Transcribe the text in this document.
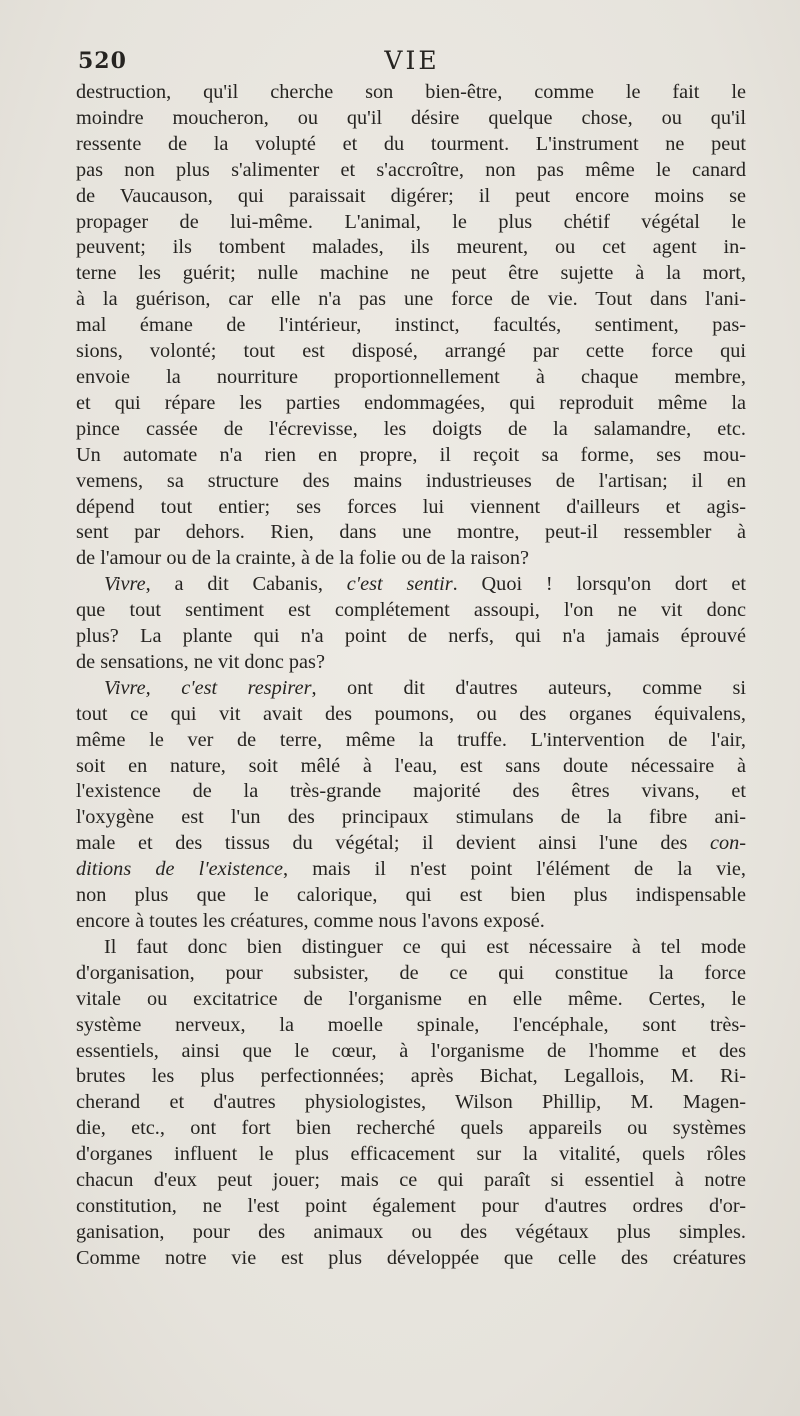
520	VIE
destruction, qu'il cherche son bien-être, comme le fait le
moindre moucheron, ou qu'il désire quelque chose, ou qu'il
ressente de la volupté et du tourment. L'instrument ne peut
pas non plus s'alimenter et s'accroître, non pas même le canard
de Vaucauson, qui paraissait digérer; il peut encore moins se
propager de lui-même. L'animal, le plus chétif végétal le
peuvent; ils tombent malades, ils meurent, ou cet agent in-
terne les guérit; nulle machine ne peut être sujette à la mort,
à la guérison, car elle n'a pas une force de vie. Tout dans l'ani-
mal émane de l'intérieur, instinct, facultés, sentiment, pas-
sions, volonté; tout est disposé, arrangé par cette force qui
envoie la nourriture proportionnellement à chaque membre,
et qui répare les parties endommagées, qui reproduit même la
pince cassée de l'écrevisse, les doigts de la salamandre, etc.
Un automate n'a rien en propre, il reçoit sa forme, ses mou-
vemens, sa structure des mains industrieuses de l'artisan; il en
dépend tout entier; ses forces lui viennent d'ailleurs et agis-
sent par dehors. Rien, dans une montre, peut-il ressembler à
de l'amour ou de la crainte, à de la folie ou de la raison?
Vivre, a dit Cabanis, c'est sentir. Quoi ! lorsqu'on dort et
que tout sentiment est complétement assoupi, l'on ne vit donc
plus? La plante qui n'a point de nerfs, qui n'a jamais éprouvé
de sensations, ne vit donc pas?
Vivre, c'est respirer, ont dit d'autres auteurs, comme si
tout ce qui vit avait des poumons, ou des organes équivalens,
même le ver de terre, même la truffe. L'intervention de l'air,
soit en nature, soit mêlé à l'eau, est sans doute nécessaire à
l'existence de la très-grande majorité des êtres vivans, et
l'oxygène est l'un des principaux stimulans de la fibre ani-
male et des tissus du végétal; il devient ainsi l'une des con-
ditions de l'existence, mais il n'est point l'élément de la vie,
non plus que le calorique, qui est bien plus indispensable
encore à toutes les créatures, comme nous l'avons exposé.
Il faut donc bien distinguer ce qui est nécessaire à tel mode
d'organisation, pour subsister, de ce qui constitue la force
vitale ou excitatrice de l'organisme en elle même. Certes, le
système nerveux, la moelle spinale, l'encéphale, sont très-
essentiels, ainsi que le cœur, à l'organisme de l'homme et des
brutes les plus perfectionnées; après Bichat, Legallois, M. Ri-
cherand et d'autres physiologistes, Wilson Phillip, M. Magen-
die, etc., ont fort bien recherché quels appareils ou systèmes
d'organes influent le plus efficacement sur la vitalité, quels rôles
chacun d'eux peut jouer; mais ce qui paraît si essentiel à notre
constitution, ne l'est point également pour d'autres ordres d'or-
ganisation, pour des animaux ou des végétaux plus simples.
Comme notre vie est plus développée que celle des créatures
